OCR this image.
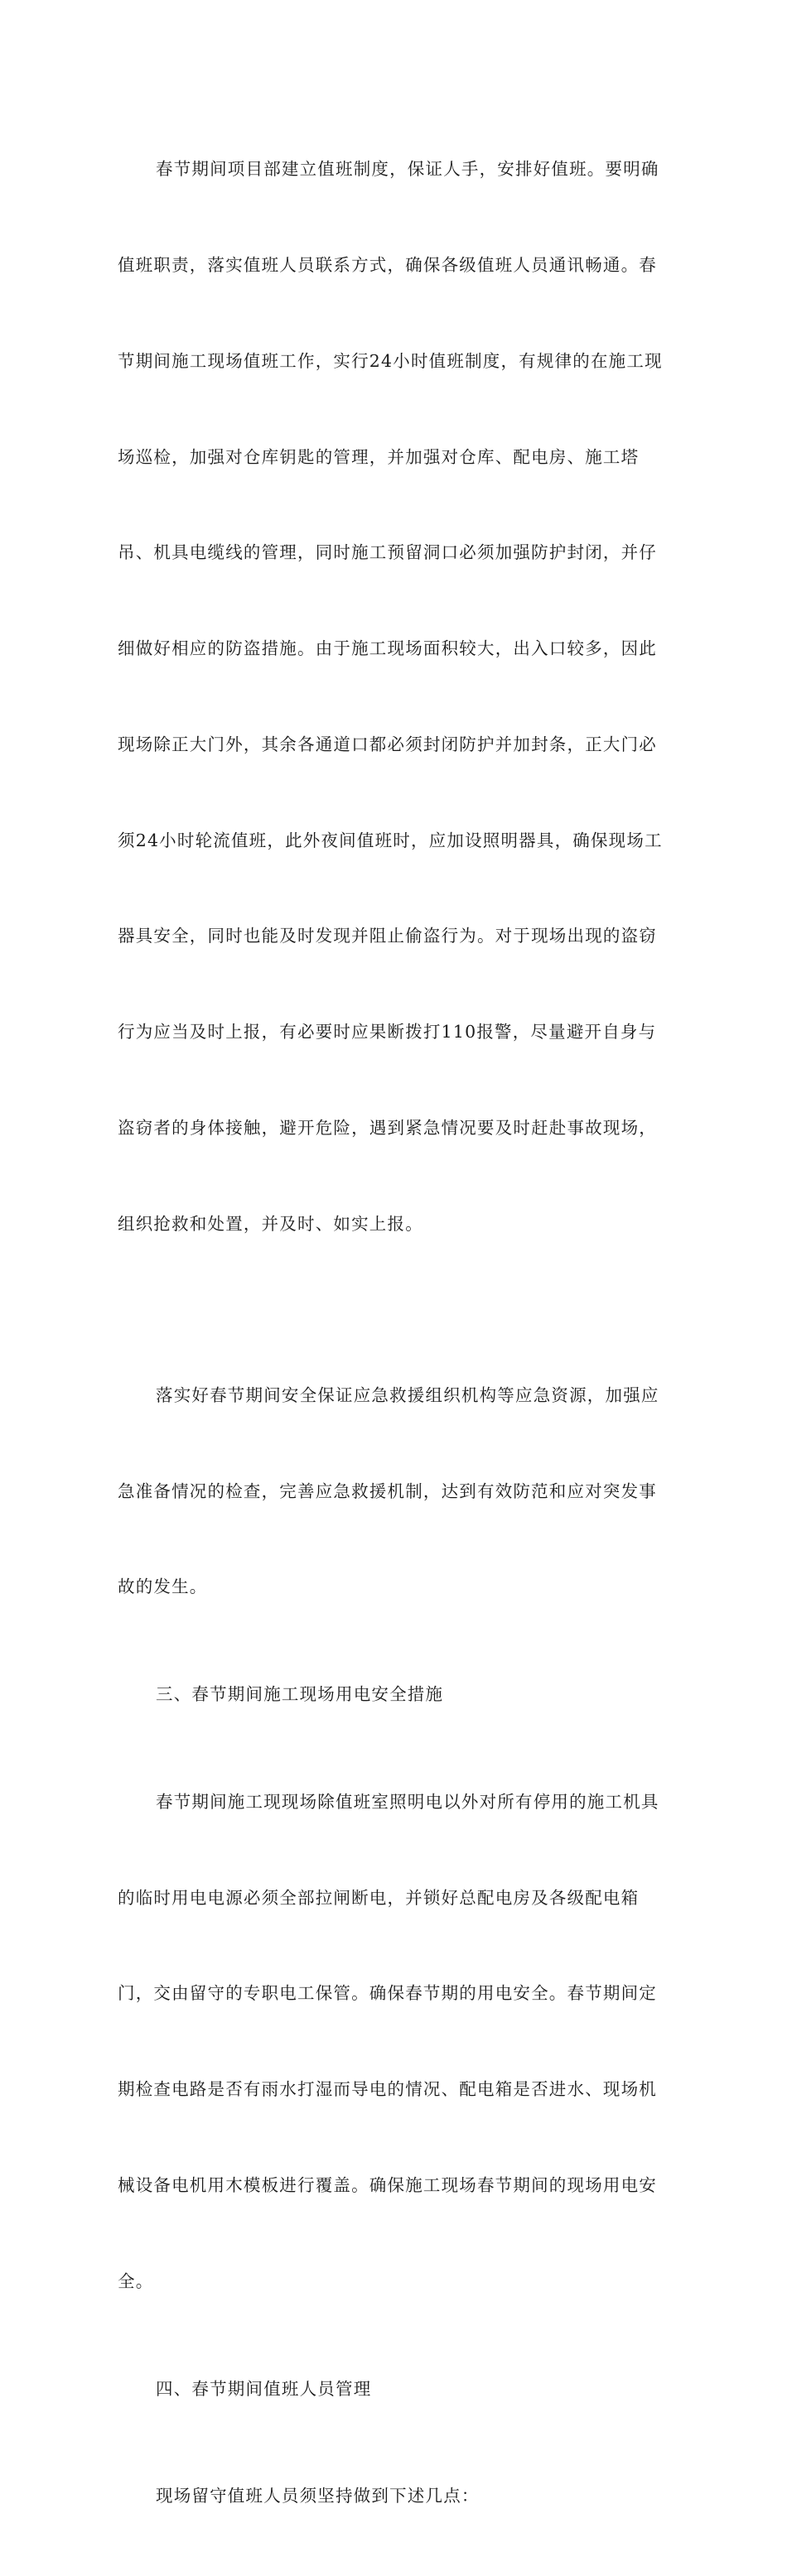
春节期间项目部建立值班制度，保证人手，安排好值班。要明确

值班职责，落实值班人员联系方式，确保各级值班人员通讯畅通。春

节期间施工现场值班工作，实行24小时值班制度，有规律的在施工现

场巡检，加强对仓库钥匙的管理，并加强对仓库、配电房、施工塔

吊、机具电缆线的管理，同时施工预留洞口必须加强防护封闭，并仔

细做好相应的防盗措施。由于施工现场面积较大，出入口较多，因此

现场除正大门外，其余各通道口都必须封闭防护并加封条，正大门必

须24小时轮流值班，此外夜间值班时，应加设照明器具，确保现场工

器具安全，同时也能及时发现并阻止偷盗行为。对于现场出现的盗窃

行为应当及时上报，有必要时应果断拨打110报警，尽量避开自身与

盗窃者的身体接触，避开危险，遇到紧急情况要及时赶赴事故现场，

组织抢救和处置，并及时、如实上报。

落实好春节期间安全保证应急救援组织机构等应急资源，加强应

急准备情况的检查，完善应急救援机制，达到有效防范和应对突发事

故的发生。

三、春节期间施工现场用电安全措施

春节期间施工现现场除值班室照明电以外对所有停用的施工机具

的临时用电电源必须全部拉闸断电，并锁好总配电房及各级配电箱

门，交由留守的专职电工保管。确保春节期的用电安全。春节期间定

期检查电路是否有雨水打湿而导电的情况、配电箱是否进水、现场机

械设备电机用木模板进行覆盖。确保施工现场春节期间的现场用电安

全。

四、春节期间值班人员管理

现场留守值班人员须坚持做到下述几点：
